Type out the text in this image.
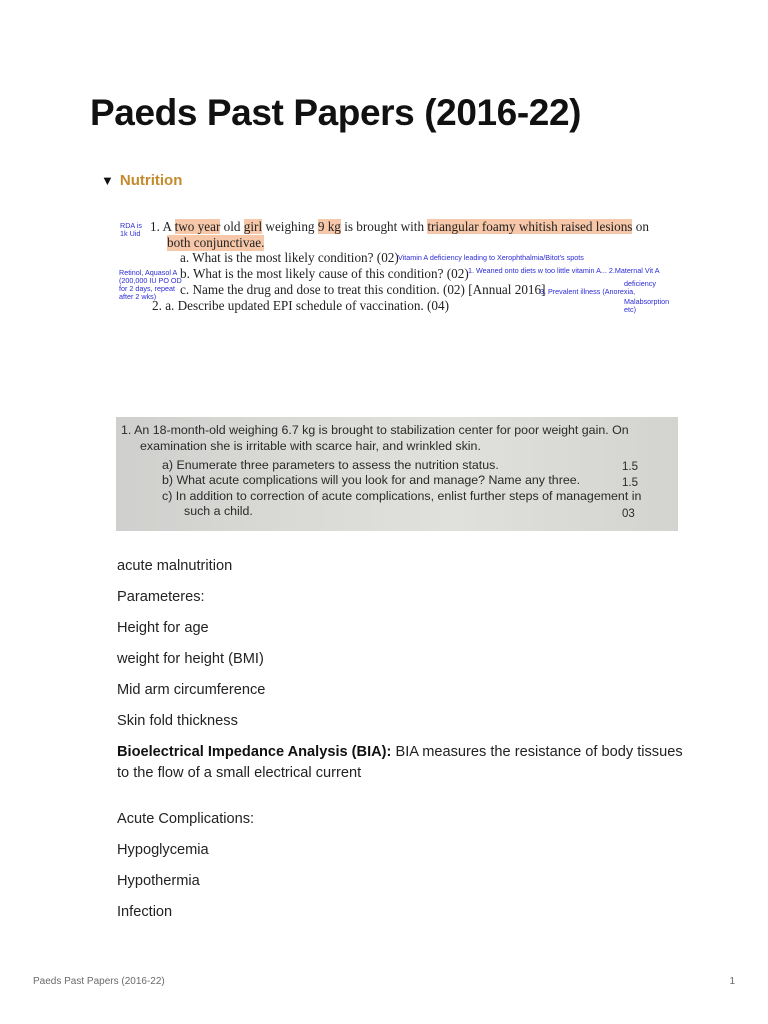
Paeds Past Papers (2016-22)
▼ Nutrition
RDA is 1k Uid 1. A two year old girl weighing 9 kg is brought with triangular foamy whitish raised lesions on
both conjunctivae.
a. What is the most likely condition? (02) Vitamin A deficiency leading to Xerophthalmia/Bitot's spots
Retinol, Aquasol A (200,000 IU PO OD for 2 days, repeat after 2 wks)
b. What is the most likely cause of this condition? (02) 1. Weaned onto diets w too little vitamin A... 2.Maternal Vit A
deficiency
c. Name the drug and dose to treat this condition. (02) [Annual 2016]
3. Prevalent illness (Anorexia,
2. a. Describe updated EPI schedule of vaccination. (04)	Malabsorption etc)
1. An 18-month-old weighing 6.7 kg is brought to stabilization center for poor weight gain. On
examination she is irritable with scarce hair, and wrinkled skin.
a) Enumerate three parameters to assess the nutrition status.	1.5
b) What acute complications will you look for and manage? Name any three.	1.5
c) In addition to correction of acute complications, enlist further steps of management in
such a child.	03

acute malnutrition

Parameteres:

Height for age

weight for height (BMI)

Mid arm circumference

Skin fold thickness

Bioelectrical Impedance Analysis (BIA): BIA measures the resistance of body tissues to the flow of a small electrical current

Acute Complications:

Hypoglycemia

Hypothermia

Infection

Paeds Past Papers (2016-22)	1
